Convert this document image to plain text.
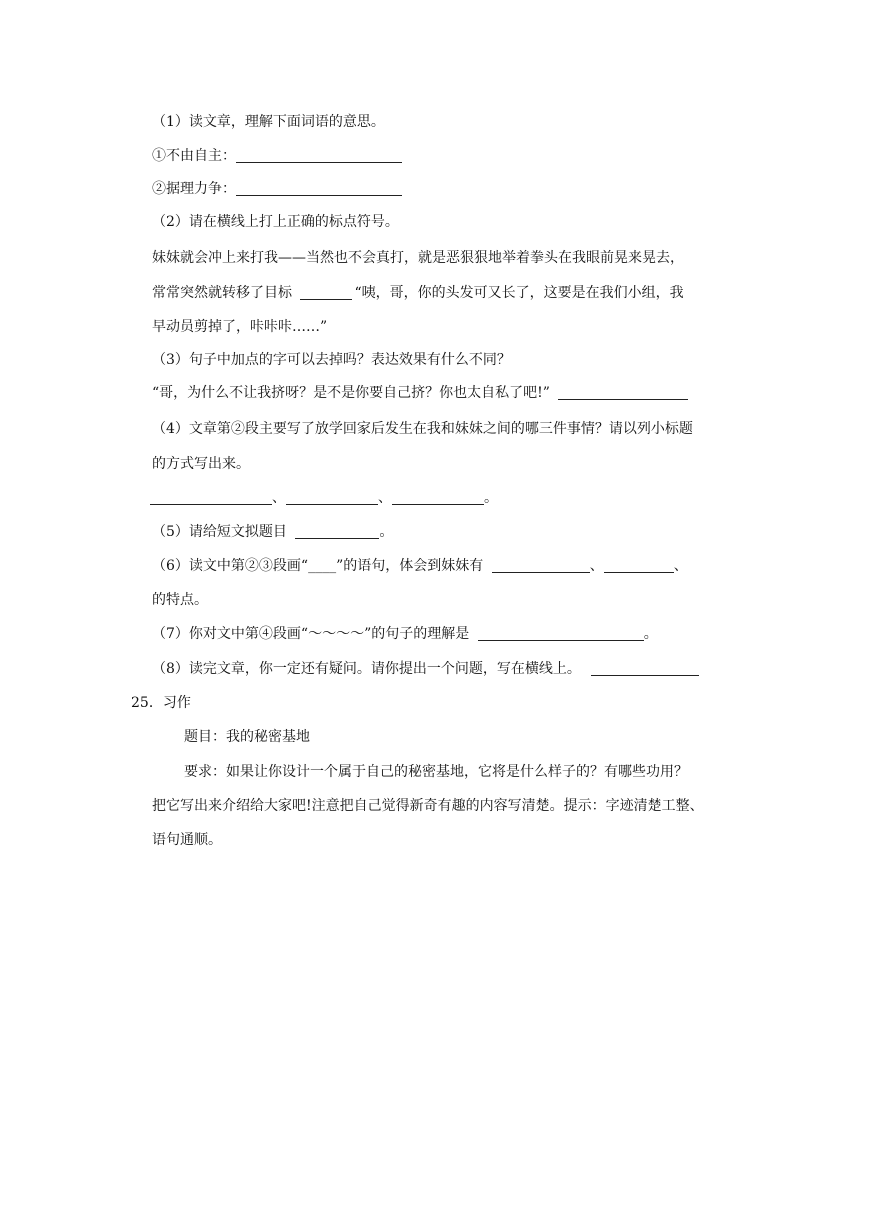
（1）读文章，理解下面词语的意思。
①不由自主：
②据理力争：
（2）请在横线上打上正确的标点符号。
妹妹就会冲上来打我——当然也不会真打，就是恶狠狠地举着拳头在我眼前晃来晃去，
常常突然就转移了目标	“咦，哥，你的头发可又长了，这要是在我们小组，我
早动员剪掉了，咔咔咔……”
（3）句子中加点的字可以去掉吗？表达效果有什么不同？
“哥，为什么不让我挤呀？是不是你要自己挤？你也太自私了吧!”
（4）文章第②段主要写了放学回家后发生在我和妹妹之间的哪三件事情？请以列小标题
的方式写出来。
、	、	。
（5）请给短文拟题目	。
（6）读文中第②③段画“____”的语句，体会到妹妹有	、	、
的特点。
（7）你对文中第④段画“～～～～”的句子的理解是	。
（8）读完文章，你一定还有疑问。请你提出一个问题，写在横线上。
25．习作
题目：我的秘密基地
要求：如果让你设计一个属于自己的秘密基地，它将是什么样子的？有哪些功用？
把它写出来介绍给大家吧!注意把自己觉得新奇有趣的内容写清楚。提示：字迹清楚工整、
语句通顺。
